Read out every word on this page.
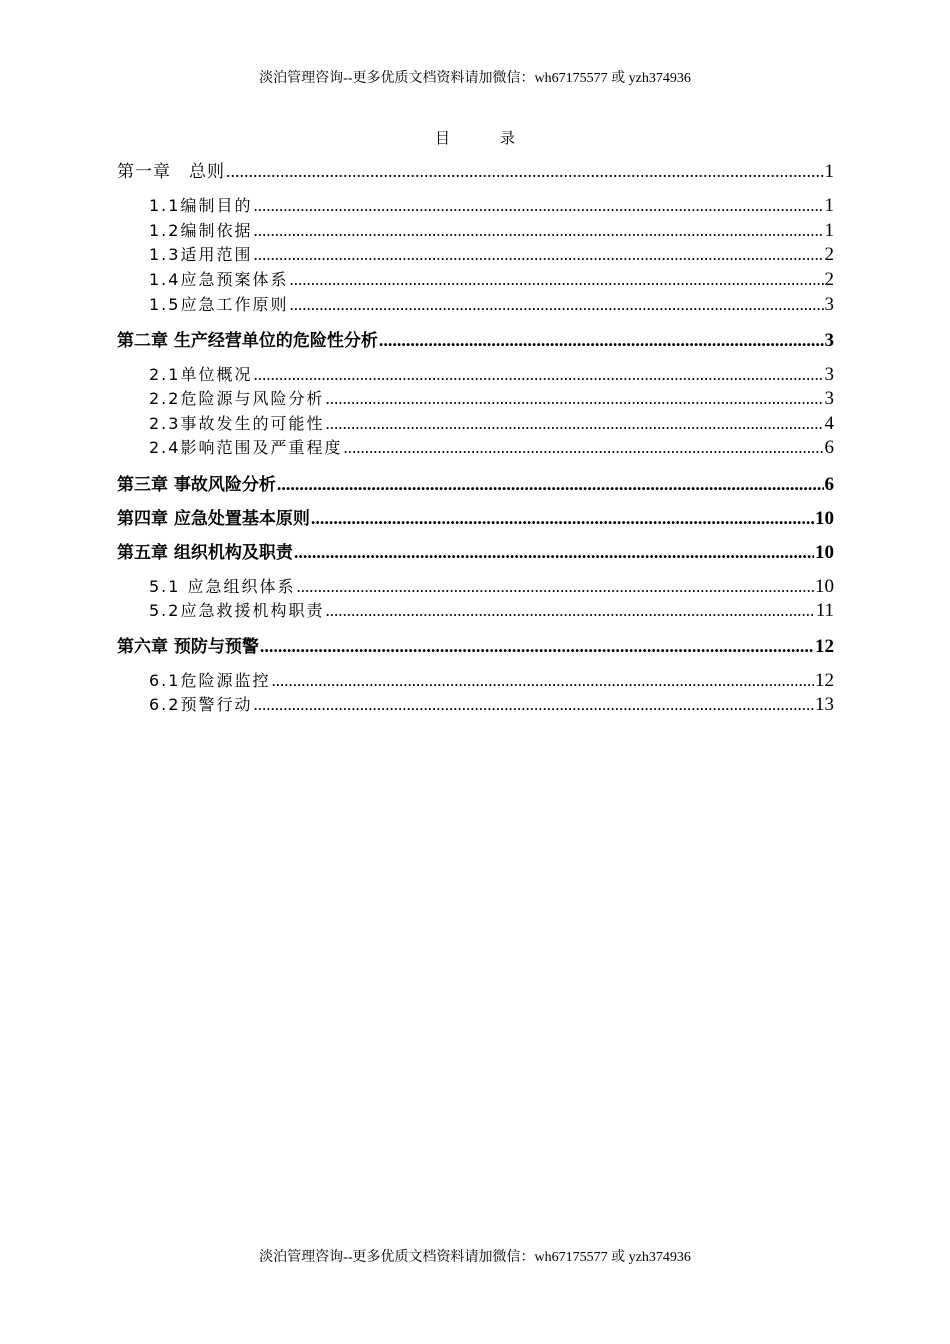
淡泊管理咨询--更多优质文档资料请加微信：wh67175577 或 yzh374936
目	录
第一章　总则 .....	1
1.1编制目的 .....	1
1.2编制依据 .....	1
1.3适用范围 .....	2
1.4应急预案体系 .....	2
1.5应急工作原则 .....	3
第二章 生产经营单位的危险性分析 .....	3
2.1单位概况 .....	3
2.2危险源与风险分析 .....	3
2.3事故发生的可能性 .....	4
2.4影响范围及严重程度 .....	6
第三章 事故风险分析 .....	6
第四章 应急处置基本原则 .....	10
第五章 组织机构及职责 .....	10
5.1 应急组织体系 .....	10
5.2应急救援机构职责 .....	11
第六章 预防与预警 .....	12
6.1危险源监控 .....	12
6.2预警行动 .....	13
淡泊管理咨询--更多优质文档资料请加微信：wh67175577 或 yzh374936
